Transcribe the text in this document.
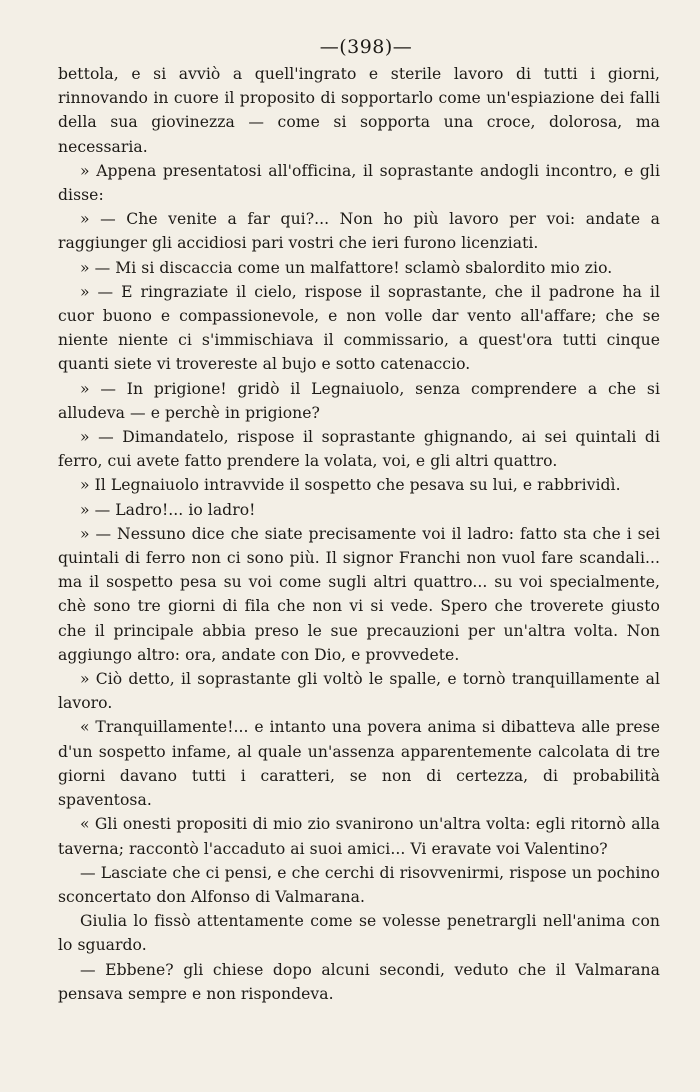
—(398)—

bettola, e si avviò a quell'ingrato e sterile lavoro di tutti i giorni, rinnovando in cuore il proposito di sopportarlo come un'espiazione dei falli della sua giovinezza — come si sopporta una croce, dolorosa, ma necessaria.

» Appena presentatosi all'officina, il soprastante andogli incontro, e gli disse:

» — Che venite a far qui?... Non ho più lavoro per voi: andate a raggiunger gli accidiosi pari vostri che ieri furono licenziati.

» — Mi si discaccia come un malfattore! sclamò sbalordito mio zio.

» — E ringraziate il cielo, rispose il soprastante, che il padrone ha il cuor buono e compassionevole, e non volle dar vento all'affare; che se niente niente ci s'immischiava il commissario, a quest'ora tutti cinque quanti siete vi trovereste al bujo e sotto catenaccio.

» — In prigione! gridò il Legnaiuolo, senza comprendere a che si alludeva — e perchè in prigione?

» — Dimandatelo, rispose il soprastante ghignando, ai sei quintali di ferro, cui avete fatto prendere la volata, voi, e gli altri quattro.

» Il Legnaiuolo intravvide il sospetto che pesava su lui, e rabbrividì.

» — Ladro!... io ladro!

» — Nessuno dice che siate precisamente voi il ladro: fatto sta che i sei quintali di ferro non ci sono più. Il signor Franchi non vuol fare scandali... ma il sospetto pesa su voi come sugli altri quattro... su voi specialmente, chè sono tre giorni di fila che non vi si vede. Spero che troverete giusto che il principale abbia preso le sue precauzioni per un'altra volta. Non aggiungo altro: ora, andate con Dio, e provvedete.

» Ciò detto, il soprastante gli voltò le spalle, e tornò tranquillamente al lavoro.

« Tranquillamente!... e intanto una povera anima si dibatteva alle prese d'un sospetto infame, al quale un'assenza apparentemente calcolata di tre giorni davano tutti i caratteri, se non di certezza, di probabilità spaventosa.

« Gli onesti propositi di mio zio svanirono un'altra volta: egli ritornò alla taverna; raccontò l'accaduto ai suoi amici... Vi eravate voi Valentino?

— Lasciate che ci pensi, e che cerchi di risovvenirmi, rispose un pochino sconcertato don Alfonso di Valmarana.

Giulia lo fissò attentamente come se volesse penetrargli nell'anima con lo sguardo.

— Ebbene? gli chiese dopo alcuni secondi, veduto che il Valmarana pensava sempre e non rispondeva.
